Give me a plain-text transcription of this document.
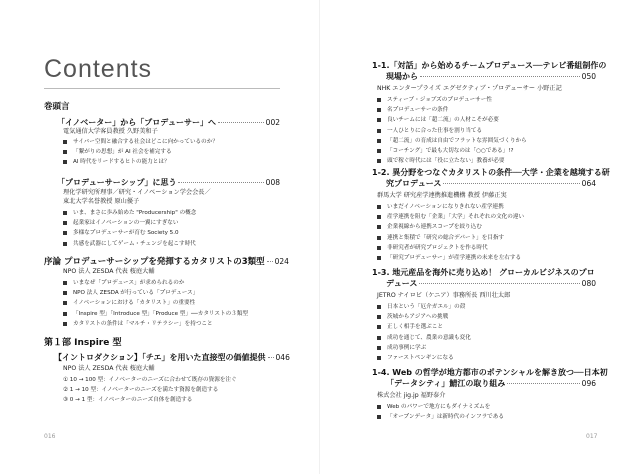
Contents
巻頭言
「イノベーター」から「プロデューサー」へ	002
電気通信大学客員教授 久野美和子
サイバー空間と融合する社会はどこに向かっているのか？
「繋がりの思想」が AI 社会を補完する
AI 時代をリードするヒトの能力とは？
「プロデューサーシップ」に思う	008
理化学研究所理事／研究・イノベーション学会会長／
東北大学名誉教授 原山優子
いま、まさに歩み始めた "Producership" の概念
起業家はイノベーションの一翼にすぎない
多様なプロデューサーが育む Society 5.0
共感を武器にしてゲーム・チェンジを起こす時代
序論 プロデューサーシップを発揮するカタリストの3類型 024
NPO 法人 ZESDA 代表 桜庭大輔
いまなぜ「プロデュース」が求められるのか
NPO 法人 ZESDA が行っている「プロデュース」
イノベーションにおける「カタリスト」の重要性
「Inspire 型」「Introduce 型」「Produce 型」──カタリストの３類型
カタリストの条件は「マルチ・リテラシー」を持つこと
第１部 Inspire 型
【イントロダクション】「チエ」を用いた直接型の価値提供 046
NPO 法人 ZESDA 代表 桜庭大輔
① 10 → 100 型：イノベーターのニーズに合わせて既存の資源を注ぐ
② 1 → 10 型：イノベーターのニーズを満たす資源を創造する
③ 0 → 1 型：イノベーターのニーズ自体を創造する
016
1-1.「対話」から始めるチームプロデュース──テレビ番組制作の
現場から	050
NHK エンタープライズ エグゼクティブ・プロデューサー 小野正記
スティーブ・ジョブズのプロデューサー性
名プロデューサーの条件
良いチームには「超二流」の人材こそが必要
一人ひとりに合った仕事を割り当てる
「超二流」の育成は自由でフラットな雰囲気づくりから
「コーチング」で最も大切なのは「○○である」!?
頭で稼ぐ時代には「役に立たない」教養が必要
1-2. 異分野をつなぐカタリストの条件──大学・企業を越境する研
究プロデュース	064
群馬大学 研究産学連携推進機構 教授 伊藤正実
いまだイノベーションになりきれない産学連携
産学連携を阻む「企業」「大学」それぞれの文化の違い
企業視線から連携スコープを絞り込む
連携と集積で「研究の総合デパート」を目指す
非研究者が研究プロジェクトを作る時代
「研究プロデューサー」が産学連携の未来を左右する
1-3. 地元産品を海外に売り込め！ グローカルビジネスのプロ
デュース	080
JETRO ナイロビ（ケニア）事務所長 西川壮太郎
日本という「厄介ガエル」の殻
茨城からアジアへの挑戦
正しく相手を選ぶこと
成功を通じて、農業の意識も変化
成功事例に学ぶ
ファーストペンギンになる
1-4. Web の哲学が地方都市のポテンシャルを解き放つ──日本初
「データシティ」鯖江の取り組み	096
株式会社 jig.jp 福野泰介
Web のパワーで地方にもダイナミズムを
「オープンデータ」は新時代のインフラである
017
